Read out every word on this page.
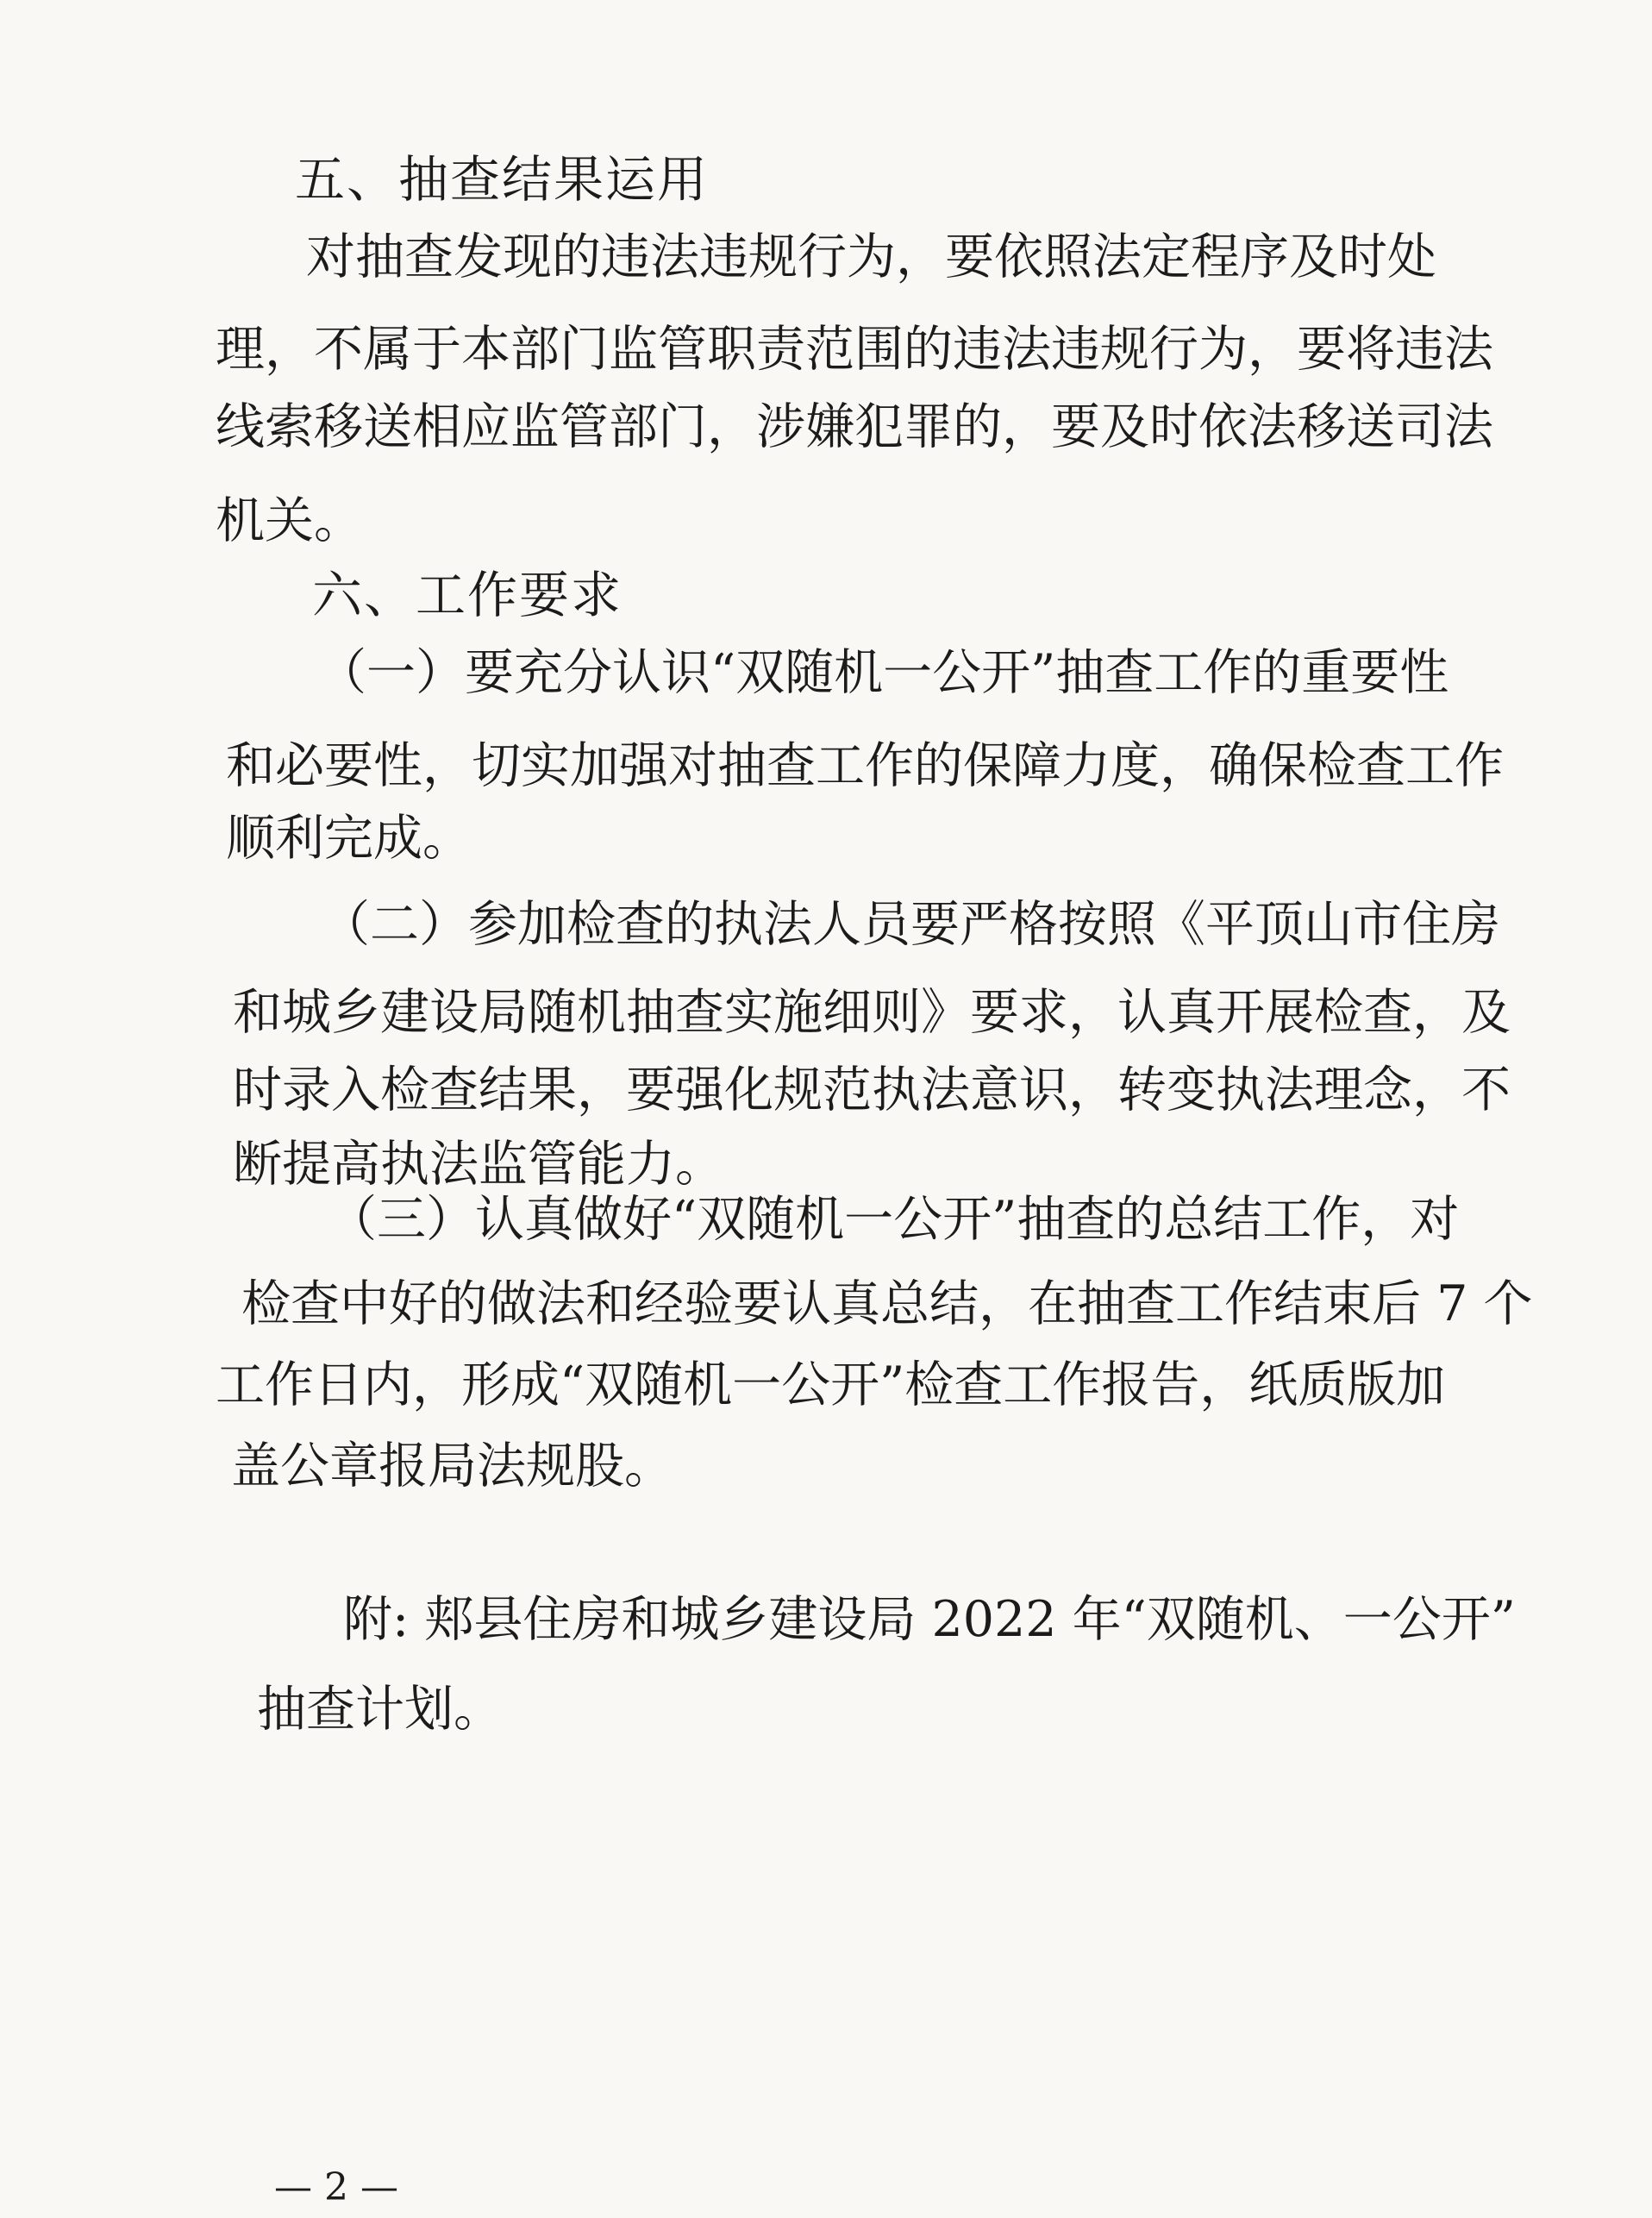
五、抽查结果运用
对抽查发现的违法违规行为，要依照法定程序及时处
理，不属于本部门监管职责范围的违法违规行为，要将违法
线索移送相应监管部门，涉嫌犯罪的，要及时依法移送司法
机关。
六、工作要求
（一）要充分认识“双随机一公开”抽查工作的重要性
和必要性，切实加强对抽查工作的保障力度，确保检查工作
顺利完成。
（二）参加检查的执法人员要严格按照《平顶山市住房
和城乡建设局随机抽查实施细则》要求，认真开展检查，及
时录入检查结果，要强化规范执法意识，转变执法理念，不
断提高执法监管能力。
（三）认真做好“双随机一公开”抽查的总结工作，对
检查中好的做法和经验要认真总结，在抽查工作结束后 7 个
工作日内，形成“双随机一公开”检查工作报告，纸质版加
盖公章报局法规股。
附: 郏县住房和城乡建设局 2022 年“双随机、一公开”
抽查计划。
— 2 —
